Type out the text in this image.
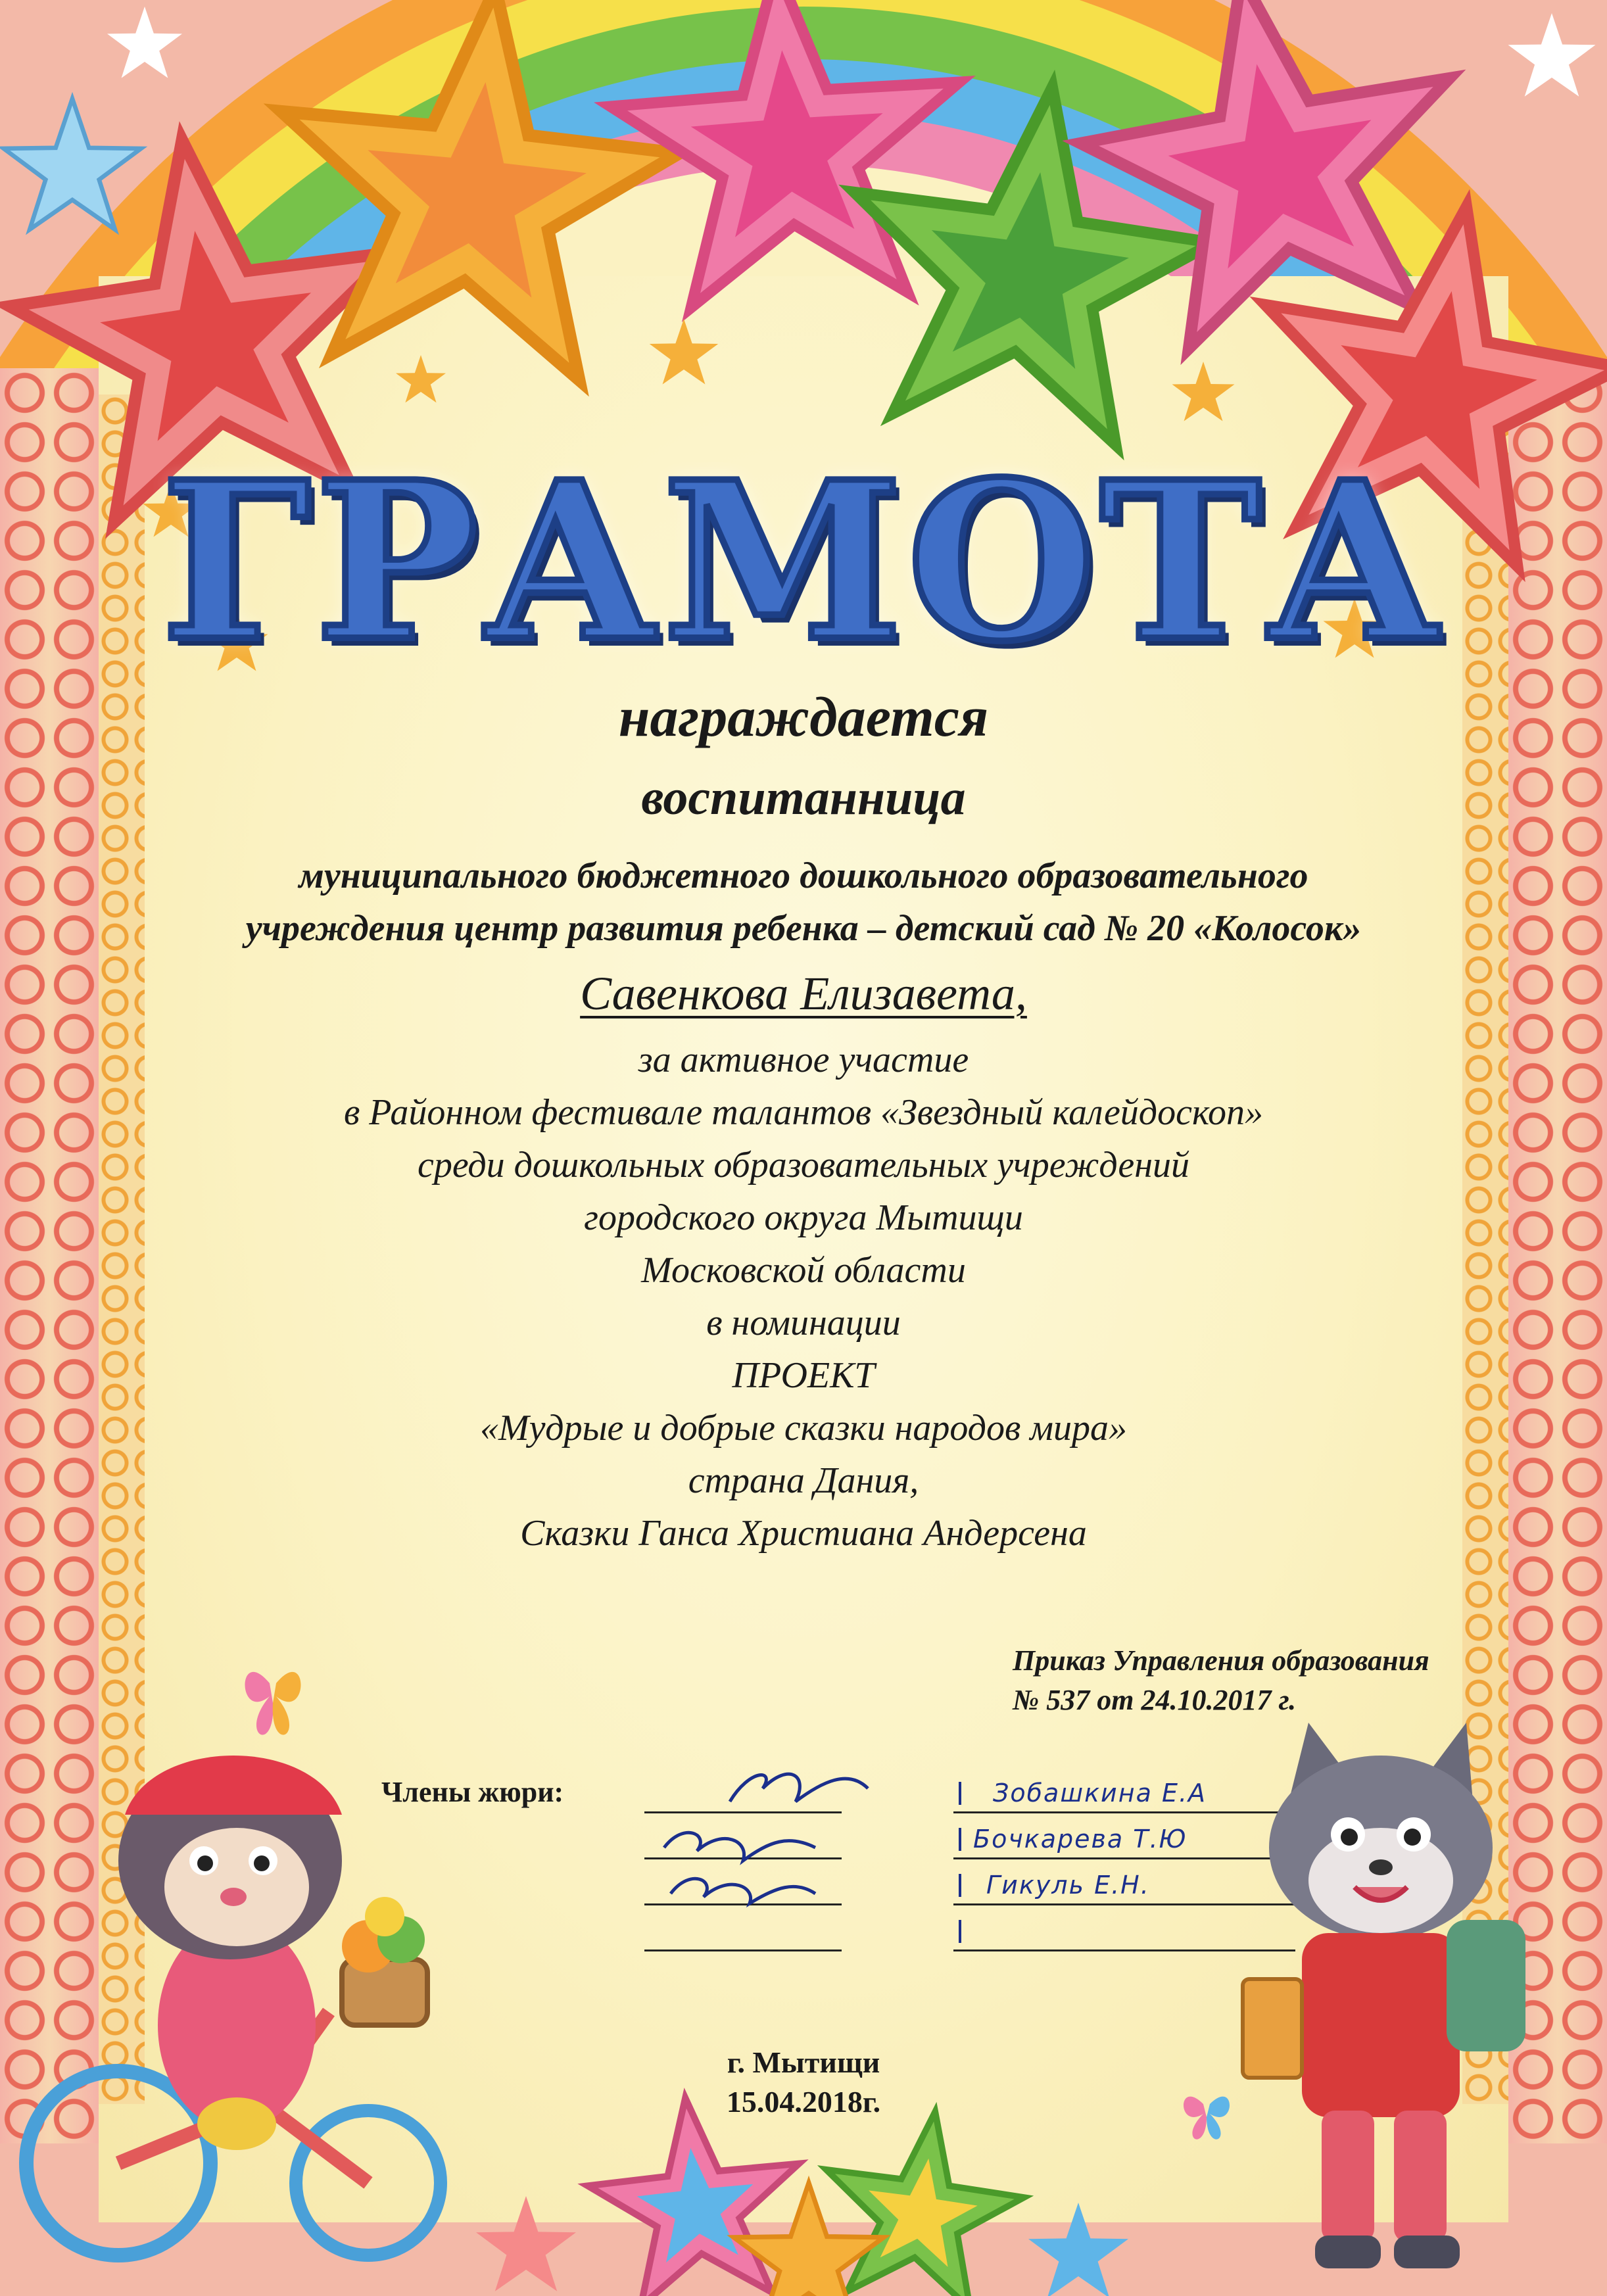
ГРАМОТА
награждается
воспитанница
муниципального бюджетного дошкольного образовательного
учреждения центр развития ребенка – детский сад № 20 «Колосок»
Савенкова Елизавета,
за активное участие
в Районном фестивале талантов «Звездный калейдоскоп»
среди дошкольных образовательных учреждений
городского округа Мытищи
Московской области
в номинации
ПРОЕКТ
«Мудрые и добрые сказки народов мира»
страна Дания,
Сказки Ганса Христиана Андерсена
Приказ Управления образования
№ 537 от 24.10.2017 г.
Члены жюри:	Зобашкина Е.А
Бочкарева Т.Ю
Гикуль Е.Н.
г. Мытищи
15.04.2018г.
